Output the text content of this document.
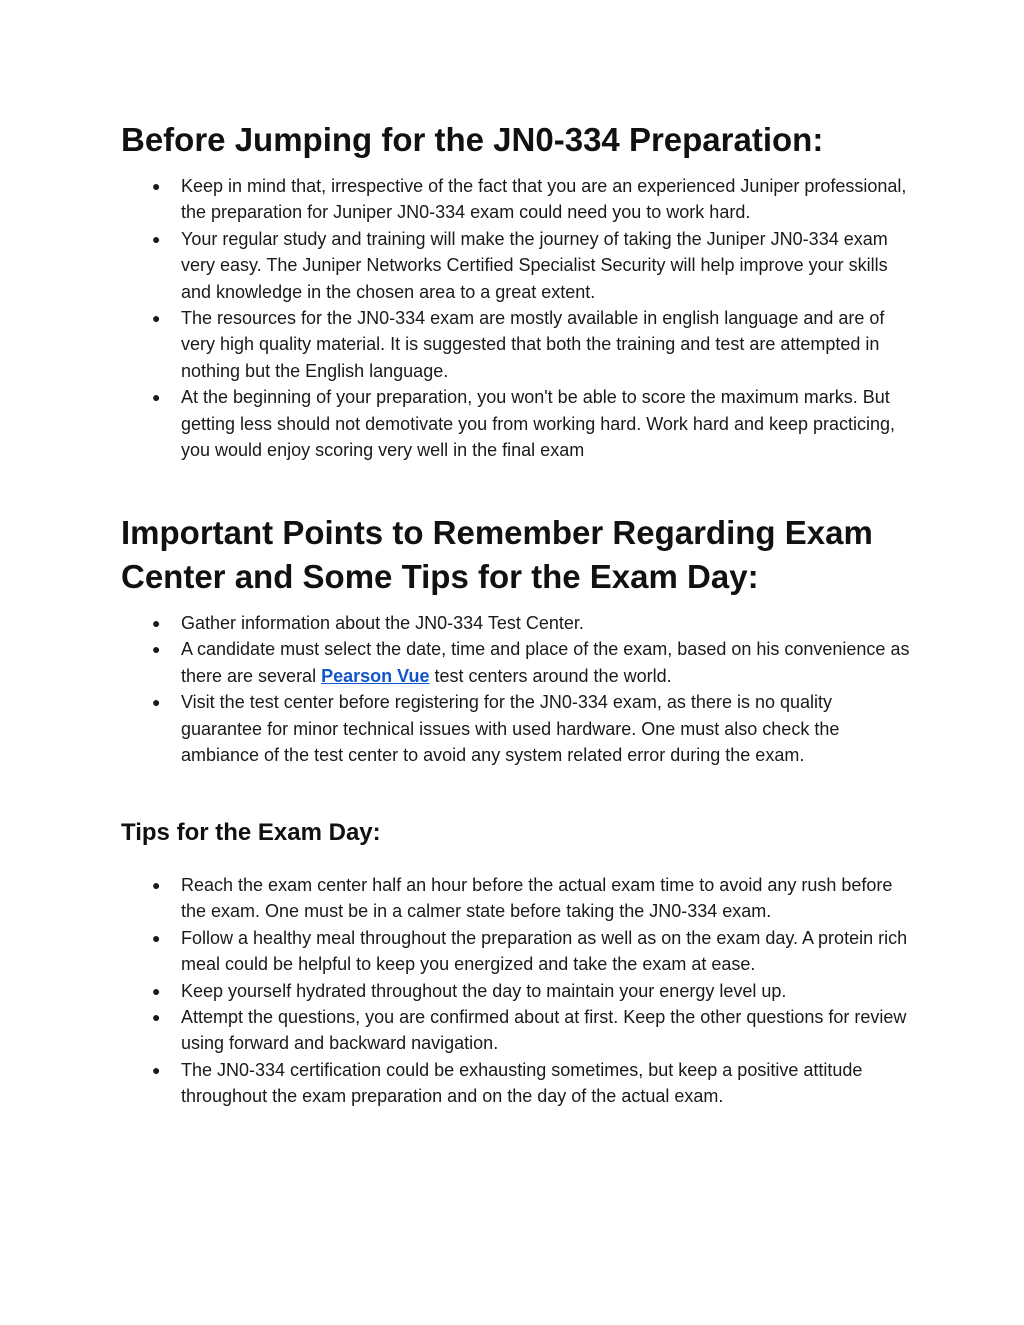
Before Jumping for the JN0-334 Preparation:
● Keep in mind that, irrespective of the fact that you are an experienced Juniper professional, the preparation for Juniper JN0-334 exam could need you to work hard.
● Your regular study and training will make the journey of taking the Juniper JN0-334 exam very easy. The Juniper Networks Certified Specialist Security will help improve your skills and knowledge in the chosen area to a great extent.
● The resources for the JN0-334 exam are mostly available in english language and are of very high quality material. It is suggested that both the training and test are attempted in nothing but the English language.
● At the beginning of your preparation, you won't be able to score the maximum marks. But getting less should not demotivate you from working hard. Work hard and keep practicing, you would enjoy scoring very well in the final exam
Important Points to Remember Regarding Exam Center and Some Tips for the Exam Day:
● Gather information about the JN0-334 Test Center.
● A candidate must select the date, time and place of the exam, based on his convenience as there are several Pearson Vue test centers around the world.
● Visit the test center before registering for the JN0-334 exam, as there is no quality guarantee for minor technical issues with used hardware. One must also check the ambiance of the test center to avoid any system related error during the exam.
Tips for the Exam Day:
● Reach the exam center half an hour before the actual exam time to avoid any rush before the exam. One must be in a calmer state before taking the JN0-334 exam.
● Follow a healthy meal throughout the preparation as well as on the exam day. A protein rich meal could be helpful to keep you energized and take the exam at ease.
● Keep yourself hydrated throughout the day to maintain your energy level up.
● Attempt the questions, you are confirmed about at first. Keep the other questions for review using forward and backward navigation.
● The JN0-334 certification could be exhausting sometimes, but keep a positive attitude throughout the exam preparation and on the day of the actual exam.
